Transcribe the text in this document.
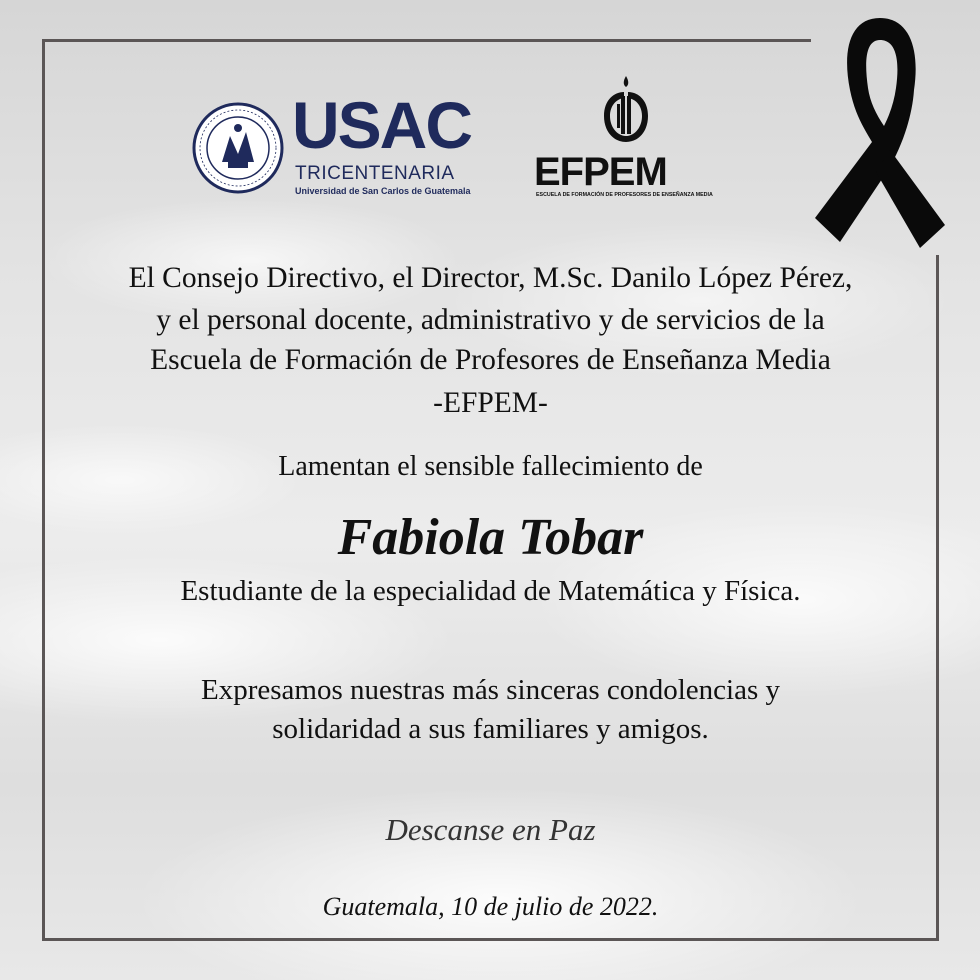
USAC
TRICENTENARIA
Universidad de San Carlos de Guatemala EFPEM
ESCUELA DE FORMACIÓN DE PROFESORES DE ENSEÑANZA MEDIA
El Consejo Directivo, el Director, M.Sc. Danilo López Pérez,
y el personal docente, administrativo y de servicios de la
Escuela de Formación de Profesores de Enseñanza Media
-EFPEM-
Lamentan el sensible fallecimiento de
Fabiola Tobar
Estudiante de la especialidad de Matemática y Física.
Expresamos nuestras más sinceras condolencias y
solidaridad a sus familiares y amigos.
Descanse en Paz
Guatemala, 10 de julio de 2022.
